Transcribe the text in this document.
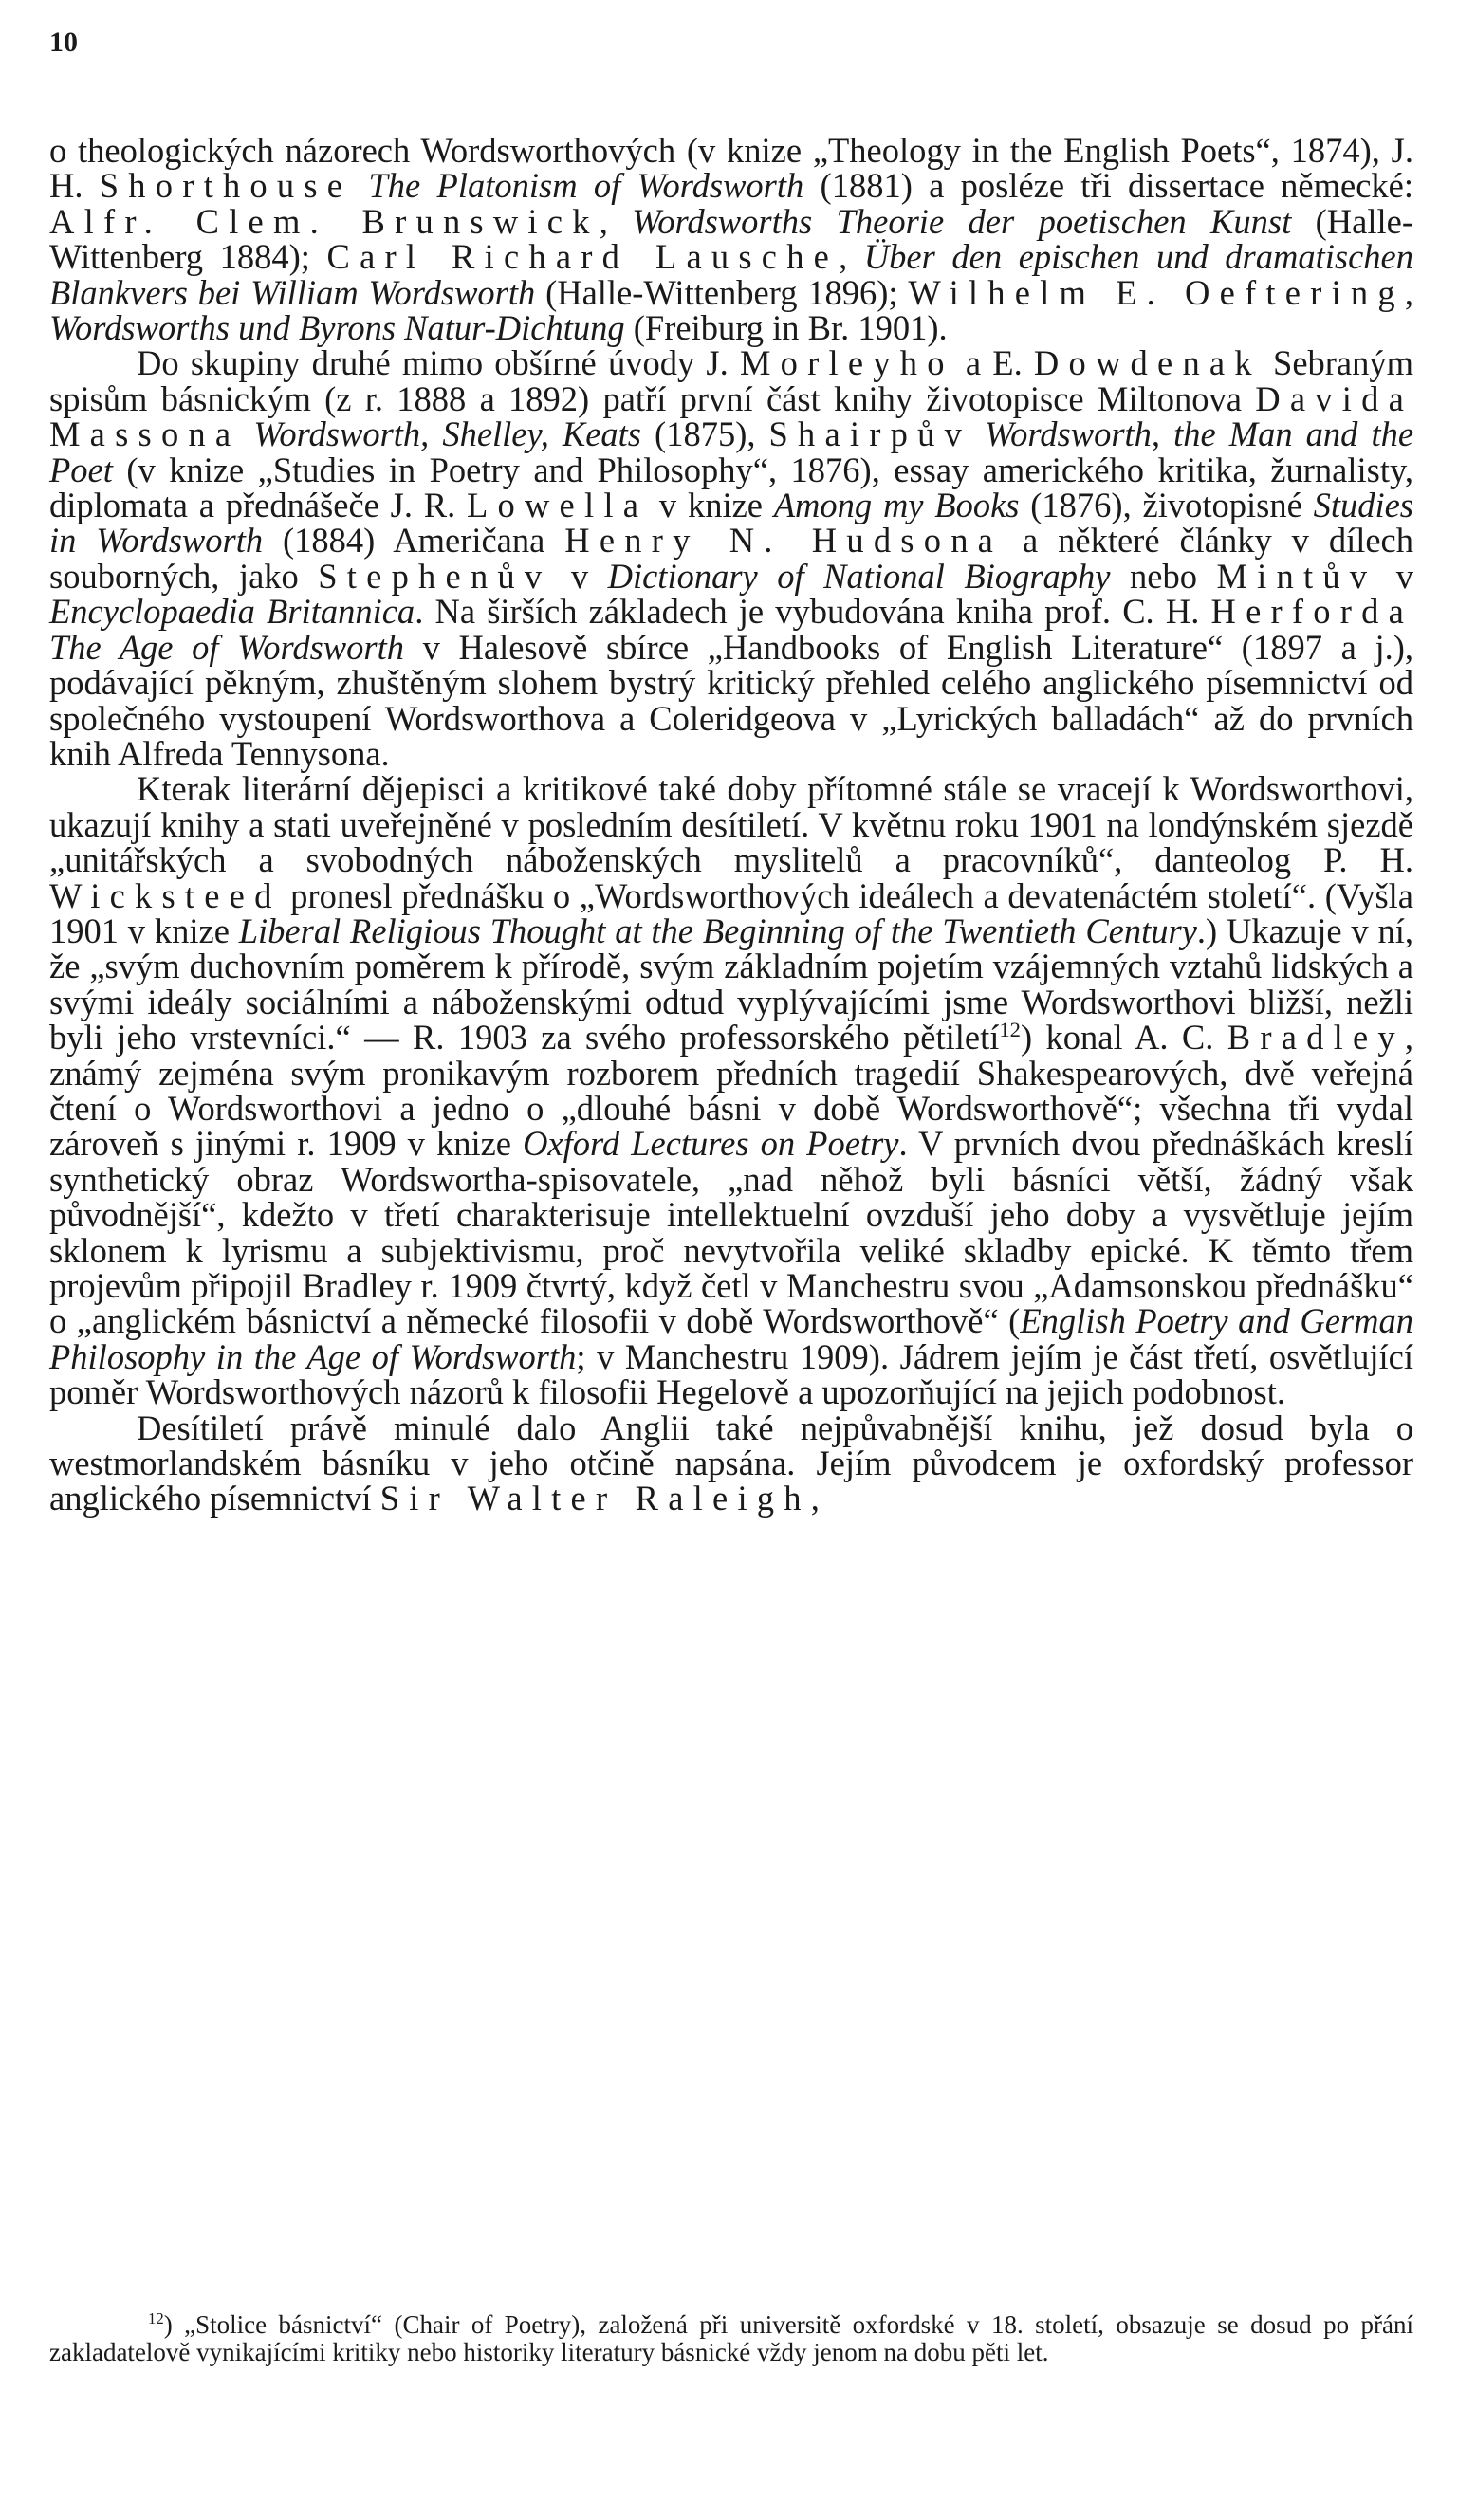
10

o theologických názorech Wordsworthových (v knize „Theology in the English Poets“, 1874), J. H. Shorthouse The Platonism of Wordsworth (1881) a posléze tři dissertace německé: Alfr. Clem. Brunswick, Wordsworths Theorie der poetischen Kunst (Halle-Wittenberg 1884); Carl Richard Lausche, Über den epischen und dramatischen Blankvers bei William Wordsworth (Halle-Wittenberg 1896); Wilhelm E. Oeftering, Wordsworths und Byrons Natur-Dichtung (Freiburg in Br. 1901).

Do skupiny druhé mimo obšírné úvody J. Morleyho a E. Dowdenak Sebraným spisům básnickým (z r. 1888 a 1892) patří první část knihy životopisce Miltonova Davida Massona Wordsworth, Shelley, Keats (1875), Shairpův Wordsworth, the Man and the Poet (v knize „Studies in Poetry and Philosophy“, 1876), essay amerického kritika, žurnalisty, diplomata a přednášeče J. R. Lowella v knize Among my Books (1876), životopisné Studies in Wordsworth (1884) Američana Henry N. Hudsona a některé články v dílech souborných, jako Stephenův v Dictionary of National Biography nebo Mintův v Encyclopaedia Britannica. Na širších základech je vybudována kniha prof. C. H. Herforda The Age of Wordsworth v Halesově sbírce „Handbooks of English Literature“ (1897 a j.), podávající pěkným, zhuštěným slohem bystrý kritický přehled celého anglického písemnictví od společného vystoupení Wordsworthova a Coleridgeova v „Lyrických balladách“ až do prvních knih Alfreda Tennysona.

Kterak literární dějepisci a kritikové také doby přítomné stále se vracejí k Wordsworthovi, ukazují knihy a stati uveřejněné v posledním desítiletí. V květnu roku 1901 na londýnském sjezdě „unitářských a svobodných náboženských myslitelů a pracovníků“, danteolog P. H. Wicksteed pronesl přednášku o „Wordsworthových ideálech a devatenáctém století“. (Vyšla 1901 v knize Liberal Religious Thought at the Beginning of the Twentieth Century.) Ukazuje v ní, že „svým duchovním poměrem k přírodě, svým základním pojetím vzájemných vztahů lidských a svými ideály sociálními a náboženskými odtud vyplývajícími jsme Wordsworthovi bližší, nežli byli jeho vrstevníci.“ — R. 1903 za svého professorského pětiletí$^{12}$) konal A. C. Bradley, známý zejména svým pronikavým rozborem předních tragedií Shakespearových, dvě veřejná čtení o Wordsworthovi a jedno o „dlouhé básni v době Wordsworthově“; všechna tři vydal zároveň s jinými r. 1909 v knize Oxford Lectures on Poetry. V prvních dvou přednáškách kreslí synthetický obraz Wordswortha-spisovatele, „nad něhož byli básníci větší, žádný však původnější“, kdežto v třetí charakterisuje intellektuelní ovzduší jeho doby a vysvětluje jejím sklonem k lyrismu a subjektivismu, proč nevytvořila veliké skladby epické. K těmto třem projevům připojil Bradley r. 1909 čtvrtý, když četl v Manchestru svou „Adamsonskou přednášku“ o „anglickém básnictví a německé filosofii v době Wordsworthově“ (English Poetry and German Philosophy in the Age of Wordsworth; v Manchestru 1909). Jádrem jejím je část třetí, osvětlující poměr Wordsworthových názorů k filosofii Hegelově a upozorňující na jejich podobnost.

Desítiletí právě minulé dalo Anglii také nejpůvabnější knihu, jež dosud byla o westmorlandském básníku v jeho otčině napsána. Jejím původcem je oxfordský professor anglického písemnictví Sir Walter Raleigh,

$^{12}$) „Stolice básnictví“ (Chair of Poetry), založená při universitě oxfordské v 18. století, obsazuje se dosud po přání zakladatelově vynikajícími kritiky nebo historiky literatury básnické vždy jenom na dobu pěti let.
